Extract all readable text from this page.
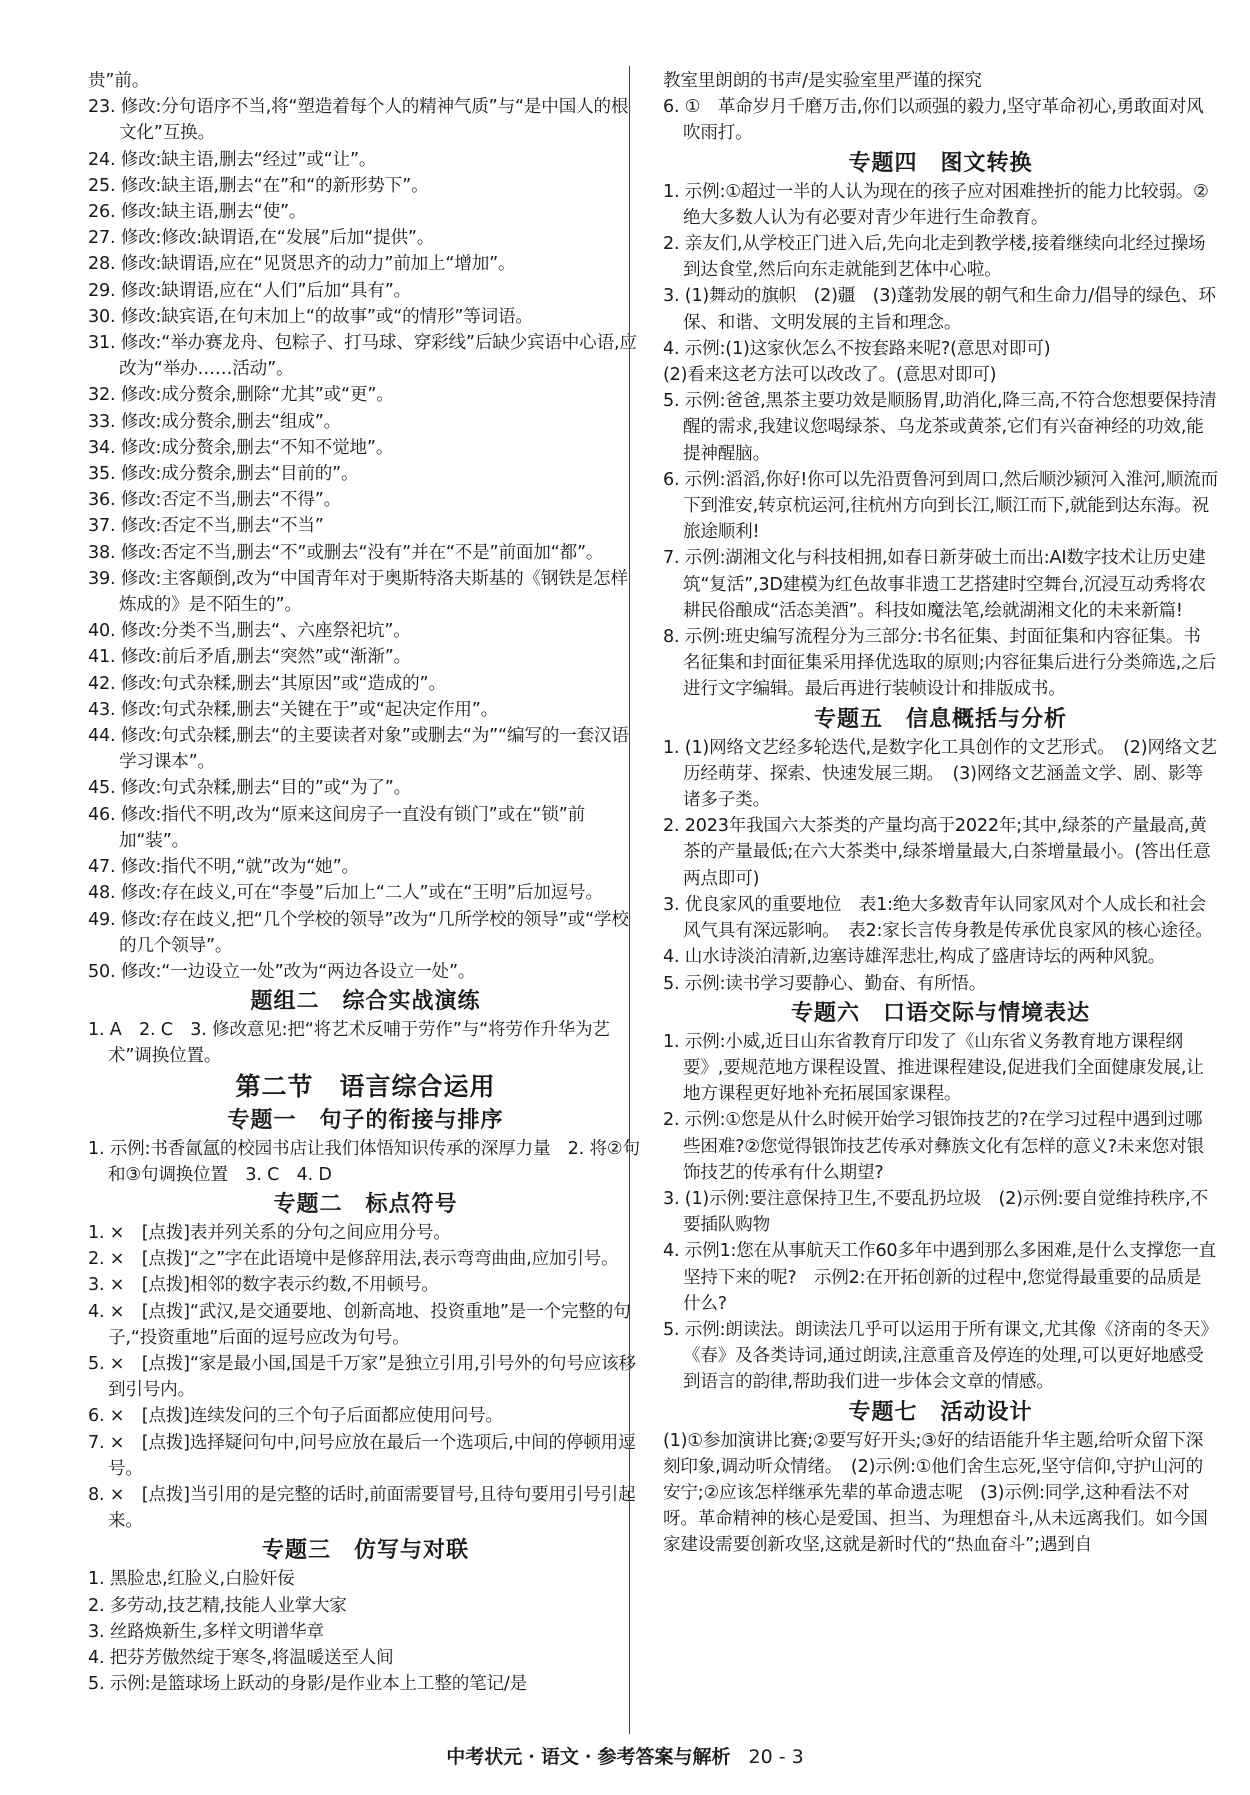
贵”前。

23. 修改:分句语序不当,将“塑造着每个人的精神气质”与“是中国人的根文化”互换。

24. 修改:缺主语,删去“经过”或“让”。

25. 修改:缺主语,删去“在”和“的新形势下”。

26. 修改:缺主语,删去“使”。

27. 修改:修改:缺谓语,在“发展”后加“提供”。

28. 修改:缺谓语,应在“见贤思齐的动力”前加上“增加”。

29. 修改:缺谓语,应在“人们”后加“具有”。

30. 修改:缺宾语,在句末加上“的故事”或“的情形”等词语。

31. 修改:“举办赛龙舟、包粽子、打马球、穿彩线”后缺少宾语中心语,应改为“举办……活动”。

32. 修改:成分赘余,删除“尤其”或“更”。

33. 修改:成分赘余,删去“组成”。

34. 修改:成分赘余,删去“不知不觉地”。

35. 修改:成分赘余,删去“目前的”。

36. 修改:否定不当,删去“不得”。

37. 修改:否定不当,删去“不当”

38. 修改:否定不当,删去“不”或删去“没有”并在“不是”前面加“都”。

39. 修改:主客颠倒,改为“中国青年对于奥斯特洛夫斯基的《钢铁是怎样炼成的》是不陌生的”。

40. 修改:分类不当,删去“、六座祭祀坑”。

41. 修改:前后矛盾,删去“突然”或“渐渐”。

42. 修改:句式杂糅,删去“其原因”或“造成的”。

43. 修改:句式杂糅,删去“关键在于”或“起决定作用”。

44. 修改:句式杂糅,删去“的主要读者对象”或删去“为”“编写的一套汉语学习课本”。

45. 修改:句式杂糅,删去“目的”或“为了”。

46. 修改:指代不明,改为“原来这间房子一直没有锁门”或在“锁”前加“装”。

47. 修改:指代不明,“就”改为“她”。

48. 修改:存在歧义,可在“李曼”后加上“二人”或在“王明”后加逗号。

49. 修改:存在歧义,把“几个学校的领导”改为“几所学校的领导”或“学校的几个领导”。

50. 修改:“一边设立一处”改为“两边各设立一处”。

题组二　综合实战演练

1. A　2. C　3. 修改意见:把“将艺术反哺于劳作”与“将劳作升华为艺术”调换位置。

第二节　语言综合运用

专题一　句子的衔接与排序

1. 示例:书香氤氲的校园书店让我们体悟知识传承的深厚力量　2. 将②句和③句调换位置　3. C　4. D

专题二　标点符号

1. ×　[点拨]表并列关系的分句之间应用分号。

2. ×　[点拨]“之”字在此语境中是修辞用法,表示弯弯曲曲,应加引号。

3. ×　[点拨]相邻的数字表示约数,不用顿号。

4. ×　[点拨]“武汉,是交通要地、创新高地、投资重地”是一个完整的句子,“投资重地”后面的逗号应改为句号。

5. ×　[点拨]“家是最小国,国是千万家”是独立引用,引号外的句号应该移到引号内。

6. ×　[点拨]连续发问的三个句子后面都应使用问号。

7. ×　[点拨]选择疑问句中,问号应放在最后一个选项后,中间的停顿用逗号。

8. ×　[点拨]当引用的是完整的话时,前面需要冒号,且待句要用引号引起来。

专题三　仿写与对联

1. 黑脸忠,红脸义,白脸奸佞

2. 多劳动,技艺精,技能人业掌大家

3. 丝路焕新生,多样文明谱华章

4. 把芬芳傲然绽于寒冬,将温暖送至人间

5. 示例:是篮球场上跃动的身影/是作业本上工整的笔记/是

教室里朗朗的书声/是实验室里严谨的探究

6. ①　革命岁月千磨万击,你们以顽强的毅力,坚守革命初心,勇敢面对风吹雨打。

专题四　图文转换

1. 示例:①超过一半的人认为现在的孩子应对困难挫折的能力比较弱。②绝大多数人认为有必要对青少年进行生命教育。

2. 亲友们,从学校正门进入后,先向北走到教学楼,接着继续向北经过操场到达食堂,然后向东走就能到艺体中心啦。

3. (1)舞动的旗帜　(2)疆　(3)蓬勃发展的朝气和生命力/倡导的绿色、环保、和谐、文明发展的主旨和理念。

4. 示例:(1)这家伙怎么不按套路来呢?(意思对即可)

(2)看来这老方法可以改改了。(意思对即可)

5. 示例:爸爸,黑茶主要功效是顺肠胃,助消化,降三高,不符合您想要保持清醒的需求,我建议您喝绿茶、乌龙茶或黄茶,它们有兴奋神经的功效,能提神醒脑。

6. 示例:滔滔,你好!你可以先沿贾鲁河到周口,然后顺沙颍河入淮河,顺流而下到淮安,转京杭运河,往杭州方向到长江,顺江而下,就能到达东海。祝旅途顺利!

7. 示例:湖湘文化与科技相拥,如春日新芽破土而出:AI数字技术让历史建筑“复活”,3D建模为红色故事非遗工艺搭建时空舞台,沉浸互动秀将农耕民俗酿成“活态美酒”。科技如魔法笔,绘就湖湘文化的未来新篇!

8. 示例:班史编写流程分为三部分:书名征集、封面征集和内容征集。书名征集和封面征集采用择优选取的原则;内容征集后进行分类筛选,之后进行文字编辑。最后再进行装帧设计和排版成书。

专题五　信息概括与分析

1. (1)网络文艺经多轮迭代,是数字化工具创作的文艺形式。　(2)网络文艺历经萌芽、探索、快速发展三期。　(3)网络文艺涵盖文学、剧、影等诸多子类。

2. 2023年我国六大茶类的产量均高于2022年;其中,绿茶的产量最高,黄茶的产量最低;在六大茶类中,绿茶增量最大,白茶增量最小。(答出任意两点即可)

3. 优良家风的重要地位　表1:绝大多数青年认同家风对个人成长和社会风气具有深远影响。　表2:家长言传身教是传承优良家风的核心途径。

4. 山水诗淡泊清新,边塞诗雄浑悲壮,构成了盛唐诗坛的两种风貌。

5. 示例:读书学习要静心、勤奋、有所悟。

专题六　口语交际与情境表达

1. 示例:小威,近日山东省教育厅印发了《山东省义务教育地方课程纲要》,要规范地方课程设置、推进课程建设,促进我们全面健康发展,让地方课程更好地补充拓展国家课程。

2. 示例:①您是从什么时候开始学习银饰技艺的?在学习过程中遇到过哪些困难?②您觉得银饰技艺传承对彝族文化有怎样的意义?未来您对银饰技艺的传承有什么期望?

3. (1)示例:要注意保持卫生,不要乱扔垃圾　(2)示例:要自觉维持秩序,不要插队购物

4. 示例1:您在从事航天工作60多年中遇到那么多困难,是什么支撑您一直坚持下来的呢?　示例2:在开拓创新的过程中,您觉得最重要的品质是什么?

5. 示例:朗读法。朗读法几乎可以运用于所有课文,尤其像《济南的冬天》《春》及各类诗词,通过朗读,注意重音及停连的处理,可以更好地感受到语言的韵律,帮助我们进一步体会文章的情感。

专题七　活动设计

(1)①参加演讲比赛;②要写好开头;③好的结语能升华主题,给听众留下深刻印象,调动听众情绪。　(2)示例:①他们舍生忘死,坚守信仰,守护山河的安宁;②应该怎样继承先辈的革命遗志呢　(3)示例:同学,这种看法不对呀。革命精神的核心是爱国、担当、为理想奋斗,从未远离我们。如今国家建设需要创新攻坚,这就是新时代的“热血奋斗”;遇到自

中考状元 · 语文 · 参考答案与解析 20 - 3
